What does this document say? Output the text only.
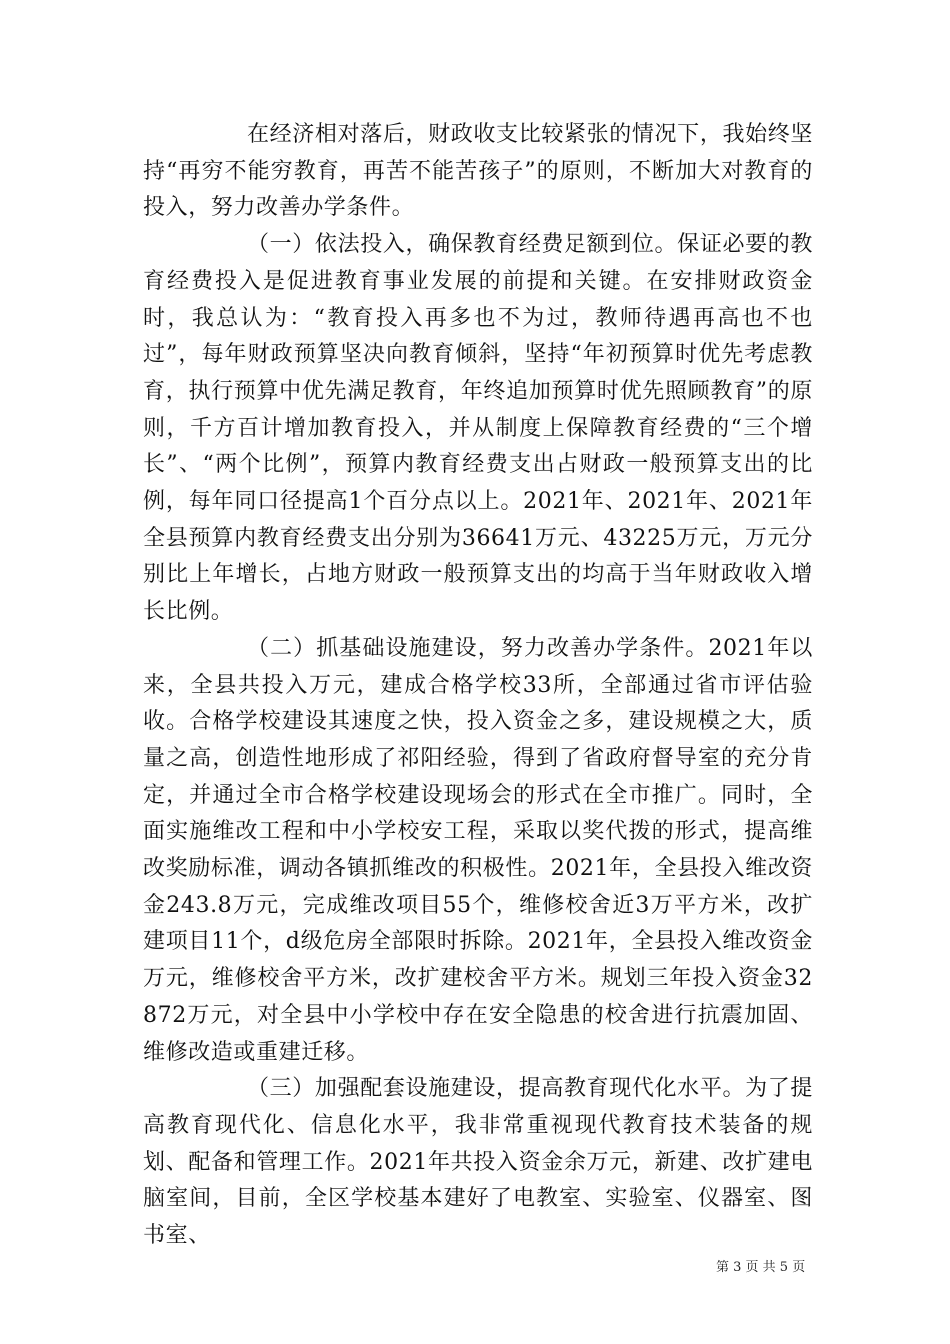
在经济相对落后，财政收支比较紧张的情况下，我始终坚持“再穷不能穷教育，再苦不能苦孩子”的原则，不断加大对教育的投入，努力改善办学条件。

（一）依法投入，确保教育经费足额到位。保证必要的教育经费投入是促进教育事业发展的前提和关键。在安排财政资金时，我总认为：“教育投入再多也不为过，教师待遇再高也不也过”，每年财政预算坚决向教育倾斜，坚持“年初预算时优先考虑教育，执行预算中优先满足教育，年终追加预算时优先照顾教育”的原则，千方百计增加教育投入，并从制度上保障教育经费的“三个增长”、“两个比例”，预算内教育经费支出占财政一般预算支出的比例，每年同口径提高1个百分点以上。2021年、2021年、2021年全县预算内教育经费支出分别为36641万元、43225万元，万元分别比上年增长，占地方财政一般预算支出的均高于当年财政收入增长比例。

（二）抓基础设施建设，努力改善办学条件。2021年以来，全县共投入万元，建成合格学校33所，全部通过省市评估验收。合格学校建设其速度之快，投入资金之多，建设规模之大，质量之高，创造性地形成了祁阳经验，得到了省政府督导室的充分肯定，并通过全市合格学校建设现场会的形式在全市推广。同时，全面实施维改工程和中小学校安工程，采取以奖代拨的形式，提高维改奖励标准，调动各镇抓维改的积极性。2021年，全县投入维改资金243.8万元，完成维改项目55个，维修校舍近3万平方米，改扩建项目11个，d级危房全部限时拆除。2021年，全县投入维改资金万元，维修校舍平方米，改扩建校舍平方米。规划三年投入资金32872万元，对全县中小学校中存在安全隐患的校舍进行抗震加固、维修改造或重建迁移。

（三）加强配套设施建设，提高教育现代化水平。为了提高教育现代化、信息化水平，我非常重视现代教育技术装备的规划、配备和管理工作。2021年共投入资金余万元，新建、改扩建电脑室间，目前，全区学校基本建好了电教室、实验室、仪器室、图书室、

第 3 页 共 5 页
